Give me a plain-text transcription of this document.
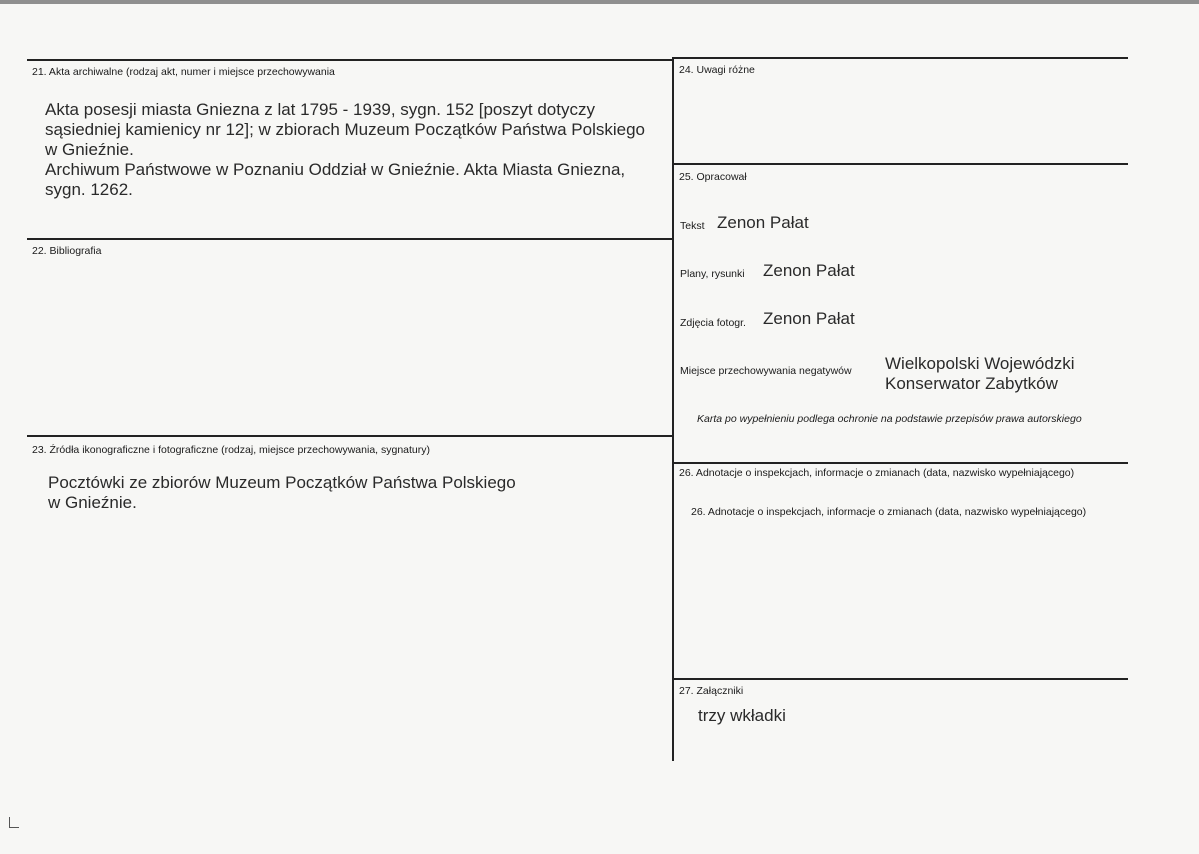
21. Akta archiwalne (rodzaj akt, numer i miejsce przechowywania
Akta posesji miasta Gniezna z lat 1795 - 1939, sygn. 152 [poszyt dotyczy
sąsiedniej kamienicy nr 12]; w zbiorach Muzeum Początków Państwa Polskiego
w Gnieźnie.
Archiwum Państwowe w Poznaniu Oddział w Gnieźnie. Akta Miasta Gniezna,
sygn. 1262.
22. Bibliografia
23. Źródła ikonograficzne i fotograficzne (rodzaj, miejsce przechowywania, sygnatury)
Pocztówki ze zbiorów Muzeum Początków Państwa Polskiego
w Gnieźnie.
24. Uwagi różne
25. Opracował
Tekst Zenon Pałat
Plany, rysunki Zenon Pałat
Zdjęcia fotogr. Zenon Pałat
Miejsce przechowywania negatywów Wielkopolski Wojewódzki
Konserwator Zabytków
Karta po wypełnieniu podlega ochronie na podstawie przepisów prawa autorskiego
26. Adnotacje o inspekcjach, informacje o zmianach (data, nazwisko wypełniającego)
26. Adnotacje o inspekcjach, informacje o zmianach (data, nazwisko wypełniającego)
27. Załączniki
trzy wkładki
